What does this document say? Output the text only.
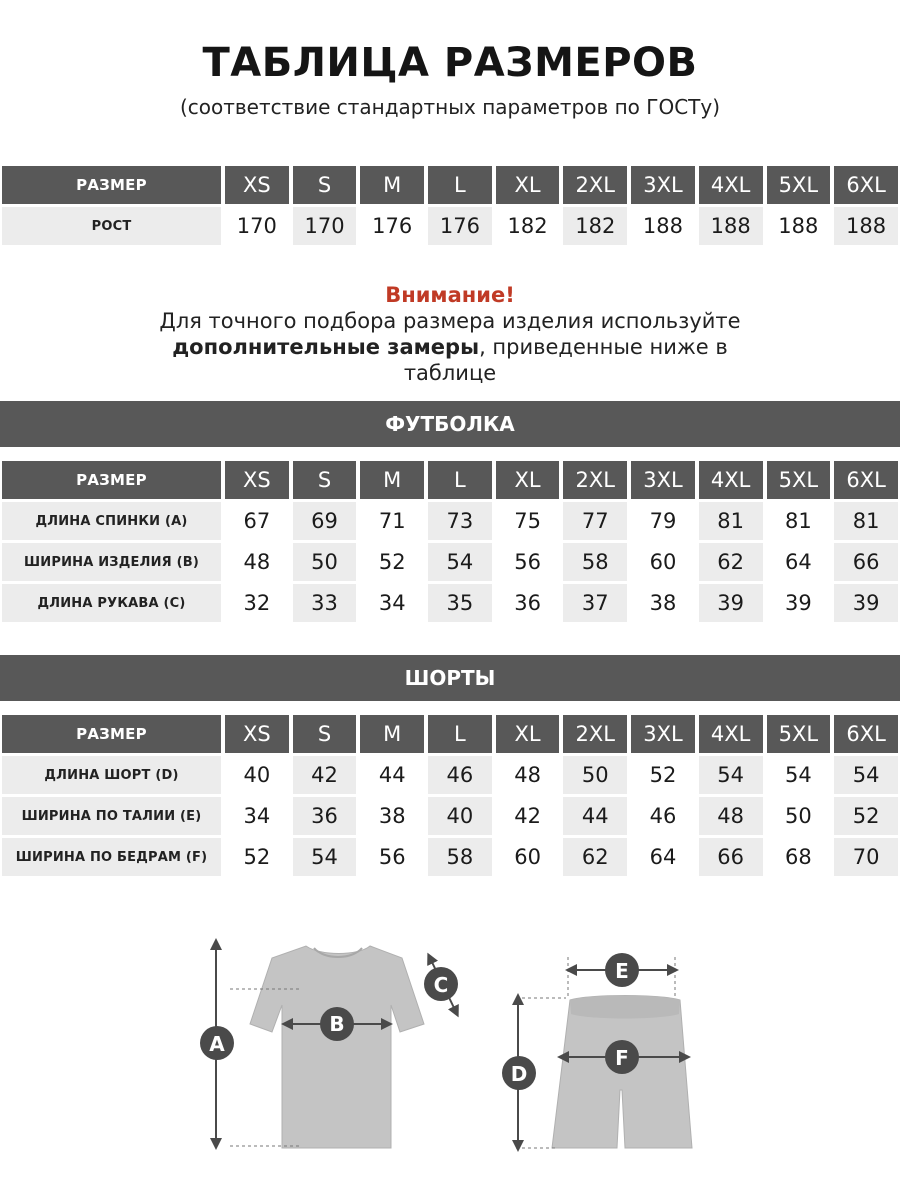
ТАБЛИЦА РАЗМЕРОВ
(соответствие стандартных параметров по ГОСТу)
РАЗМЕР	XS	S	M	L	XL	2XL	3XL	4XL	5XL	6XL
РОСТ	170	170	176	176	182	182	188	188	188	188
Внимание!
Для точного подбора размера изделия используйте
дополнительные замеры, приведенные ниже в
таблице
ФУТБОЛКА
РАЗМЕР	XS	S	M	L	XL	2XL	3XL	4XL	5XL	6XL
ДЛИНА СПИНКИ (A)	67	69	71	73	75	77	79	81	81	81
ШИРИНА ИЗДЕЛИЯ (B)	48	50	52	54	56	58	60	62	64	66
ДЛИНА РУКАВА (C)	32	33	34	35	36	37	38	39	39	39
ШОРТЫ
РАЗМЕР	XS	S	M	L	XL	2XL	3XL	4XL	5XL	6XL
ДЛИНА ШОРТ (D)	40	42	44	46	48	50	52	54	54	54
ШИРИНА ПО ТАЛИИ (E)	34	36	38	40	42	44	46	48	50	52
ШИРИНА ПО БЕДРАМ (F)	52	54	56	58	60	62	64	66	68	70
A
B
C
D
E
F
